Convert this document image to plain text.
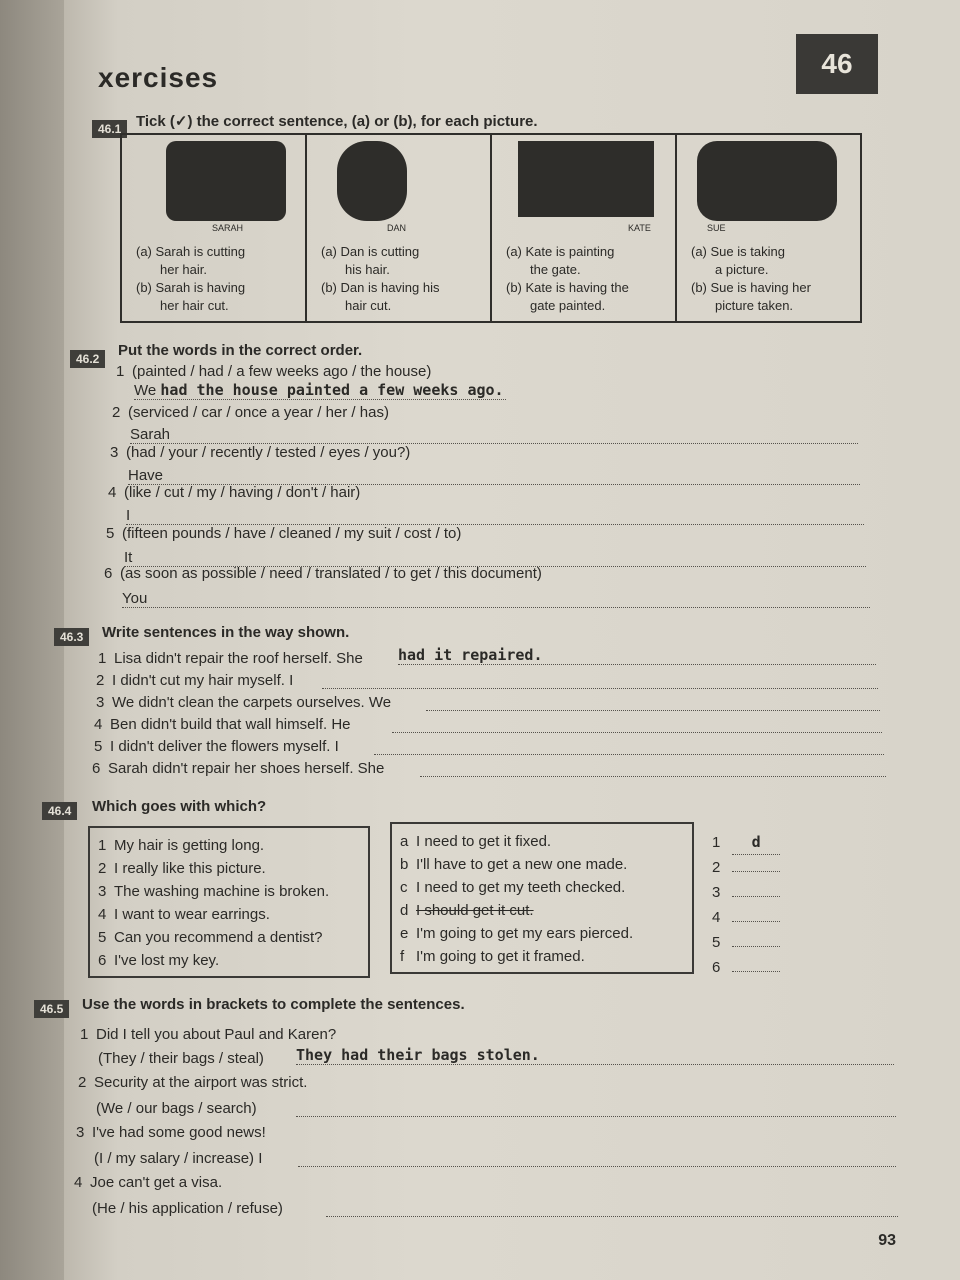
xercises	46
46.1 Tick (✓) the correct sentence, (a) or (b), for each picture.
SARAH
(a) Sarah is cutting
her hair.
(b) Sarah is having
her hair cut.
DAN
(a) Dan is cutting
his hair.
(b) Dan is having his
hair cut.
KATE
(a) Kate is painting
the gate.
(b) Kate is having the
gate painted.
SUE
(a) Sue is taking
a picture.
(b) Sue is having her
picture taken.
46.2	Put the words in the correct order.
1 (painted / had / a few weeks ago / the house)
We had the house painted a few weeks ago.
2 (serviced / car / once a year / her / has)
Sarah
3 (had / your / recently / tested / eyes / you?)
Have
4 (like / cut / my / having / don't / hair)
I
5 (fifteen pounds / have / cleaned / my suit / cost / to)
It
6 (as soon as possible / need / translated / to get / this document)
You
46.3	Write sentences in the way shown.
1 Lisa didn't repair the roof herself. She had it repaired.
2 I didn't cut my hair myself. I
3 We didn't clean the carpets ourselves. We
4 Ben didn't build that wall himself. He
5 I didn't deliver the flowers myself. I
6 Sarah didn't repair her shoes herself. She
46.4	Which goes with which?
1 My hair is getting long.
2 I really like this picture.
3 The washing machine is broken.
4 I want to wear earrings.
5 Can you recommend a dentist?
6 I've lost my key.
a I need to get it fixed.
b I'll have to get a new one made.
c I need to get my teeth checked.
d I should get it cut.
e I'm going to get my ears pierced.
f I'm going to get it framed.
1 d
2
3
4
5
6
46.5	Use the words in brackets to complete the sentences.
1 Did I tell you about Paul and Karen?
(They / their bags / steal) They had their bags stolen.
2 Security at the airport was strict.
(We / our bags / search)
3 I've had some good news!
(I / my salary / increase) I
4 Joe can't get a visa.
(He / his application / refuse)
93
